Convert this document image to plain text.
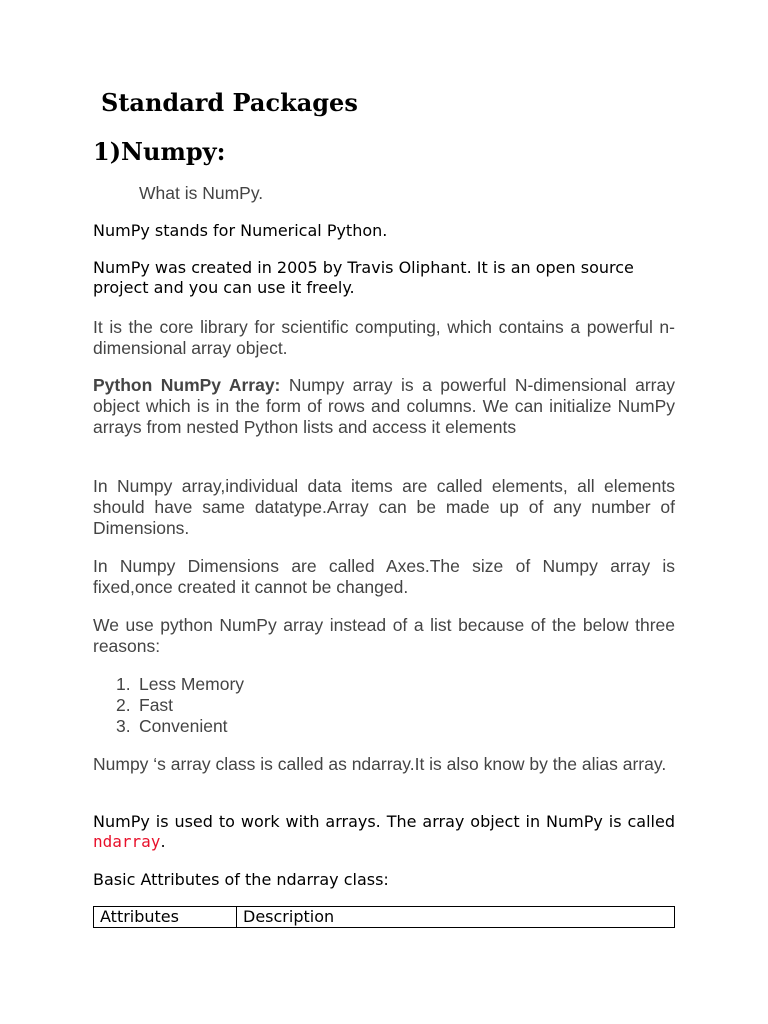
Standard Packages
1)Numpy:

What is NumPy.

NumPy stands for Numerical Python.

NumPy was created in 2005 by Travis Oliphant. It is an open source project and you can use it freely.

It is the core library for scientific computing, which contains a powerful n-dimensional array object.

Python NumPy Array: Numpy array is a powerful N-dimensional array object which is in the form of rows and columns. We can initialize NumPy arrays from nested Python lists and access it elements

In Numpy array,individual data items are called elements, all elements should have same datatype.Array can be made up of any number of Dimensions.

In Numpy Dimensions are called Axes.The size of Numpy array is fixed,once created it cannot be changed.

We use python NumPy array instead of a list because of the below three reasons:

1. Less Memory
2. Fast
3. Convenient

Numpy ‘s array class is called as ndarray.It is also know by the alias array.

NumPy is used to work with arrays. The array object in NumPy is called ndarray.

Basic Attributes of the ndarray class:

Attributes	Description
